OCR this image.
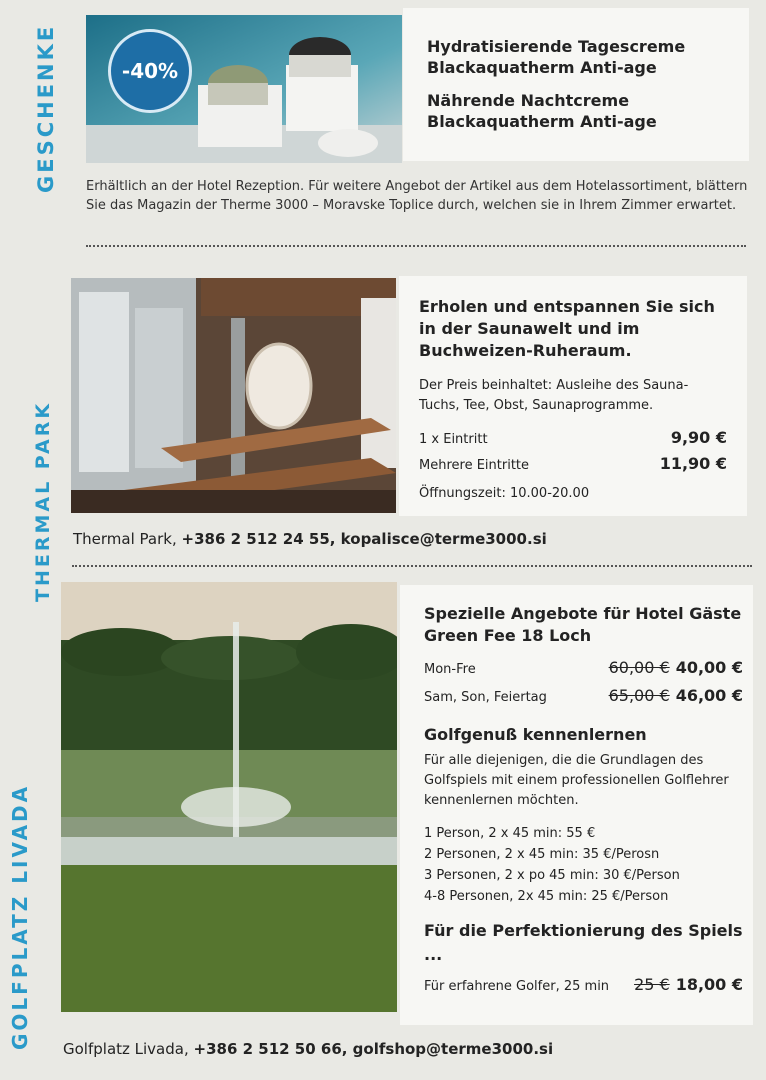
GESCHENKE
THERMAL PARK
GOLFPLATZ LIVADA
-40%
Hydratisierende Tagescreme Blackaquatherm Anti-age
Nährende Nachtcreme Blackaquatherm Anti-age
Erhältlich an der Hotel Rezeption. Für weitere Angebot der Artikel aus dem Hotelassortiment, blättern Sie das Magazin der Therme 3000 – Moravske Toplice durch, welchen sie in Ihrem Zimmer erwartet.
Erholen und entspannen Sie sich in der Saunawelt und im Buchweizen-Ruheraum.
Der Preis beinhaltet: Ausleihe des Sauna-Tuchs, Tee, Obst, Saunaprogramme.
1 x Eintritt	9,90 €
Mehrere Eintritte	11,90 €
Öffnungszeit: 10.00-20.00
Thermal Park, +386 2 512 24 55, kopalisce@terme3000.si
Spezielle Angebote für Hotel Gäste
Green Fee 18 Loch
Mon-Fre	60,00 € 40,00 €
Sam, Son, Feiertag	65,00 € 46,00 €
Golfgenuß kennenlernen
Für alle diejenigen, die die Grundlagen des Golfspiels mit einem professionellen Golflehrer kennenlernen möchten.
1 Person, 2 x 45 min: 55 €
2 Personen, 2 x 45 min: 35 €/Perosn
3 Personen, 2 x po 45 min: 30 €/Person
4-8 Personen, 2x 45 min: 25 €/Person
Für die Perfektionierung des Spiels ...
Für erfahrene Golfer, 25 min 25 € 18,00 €
Golfplatz Livada, +386 2 512 50 66, golfshop@terme3000.si
